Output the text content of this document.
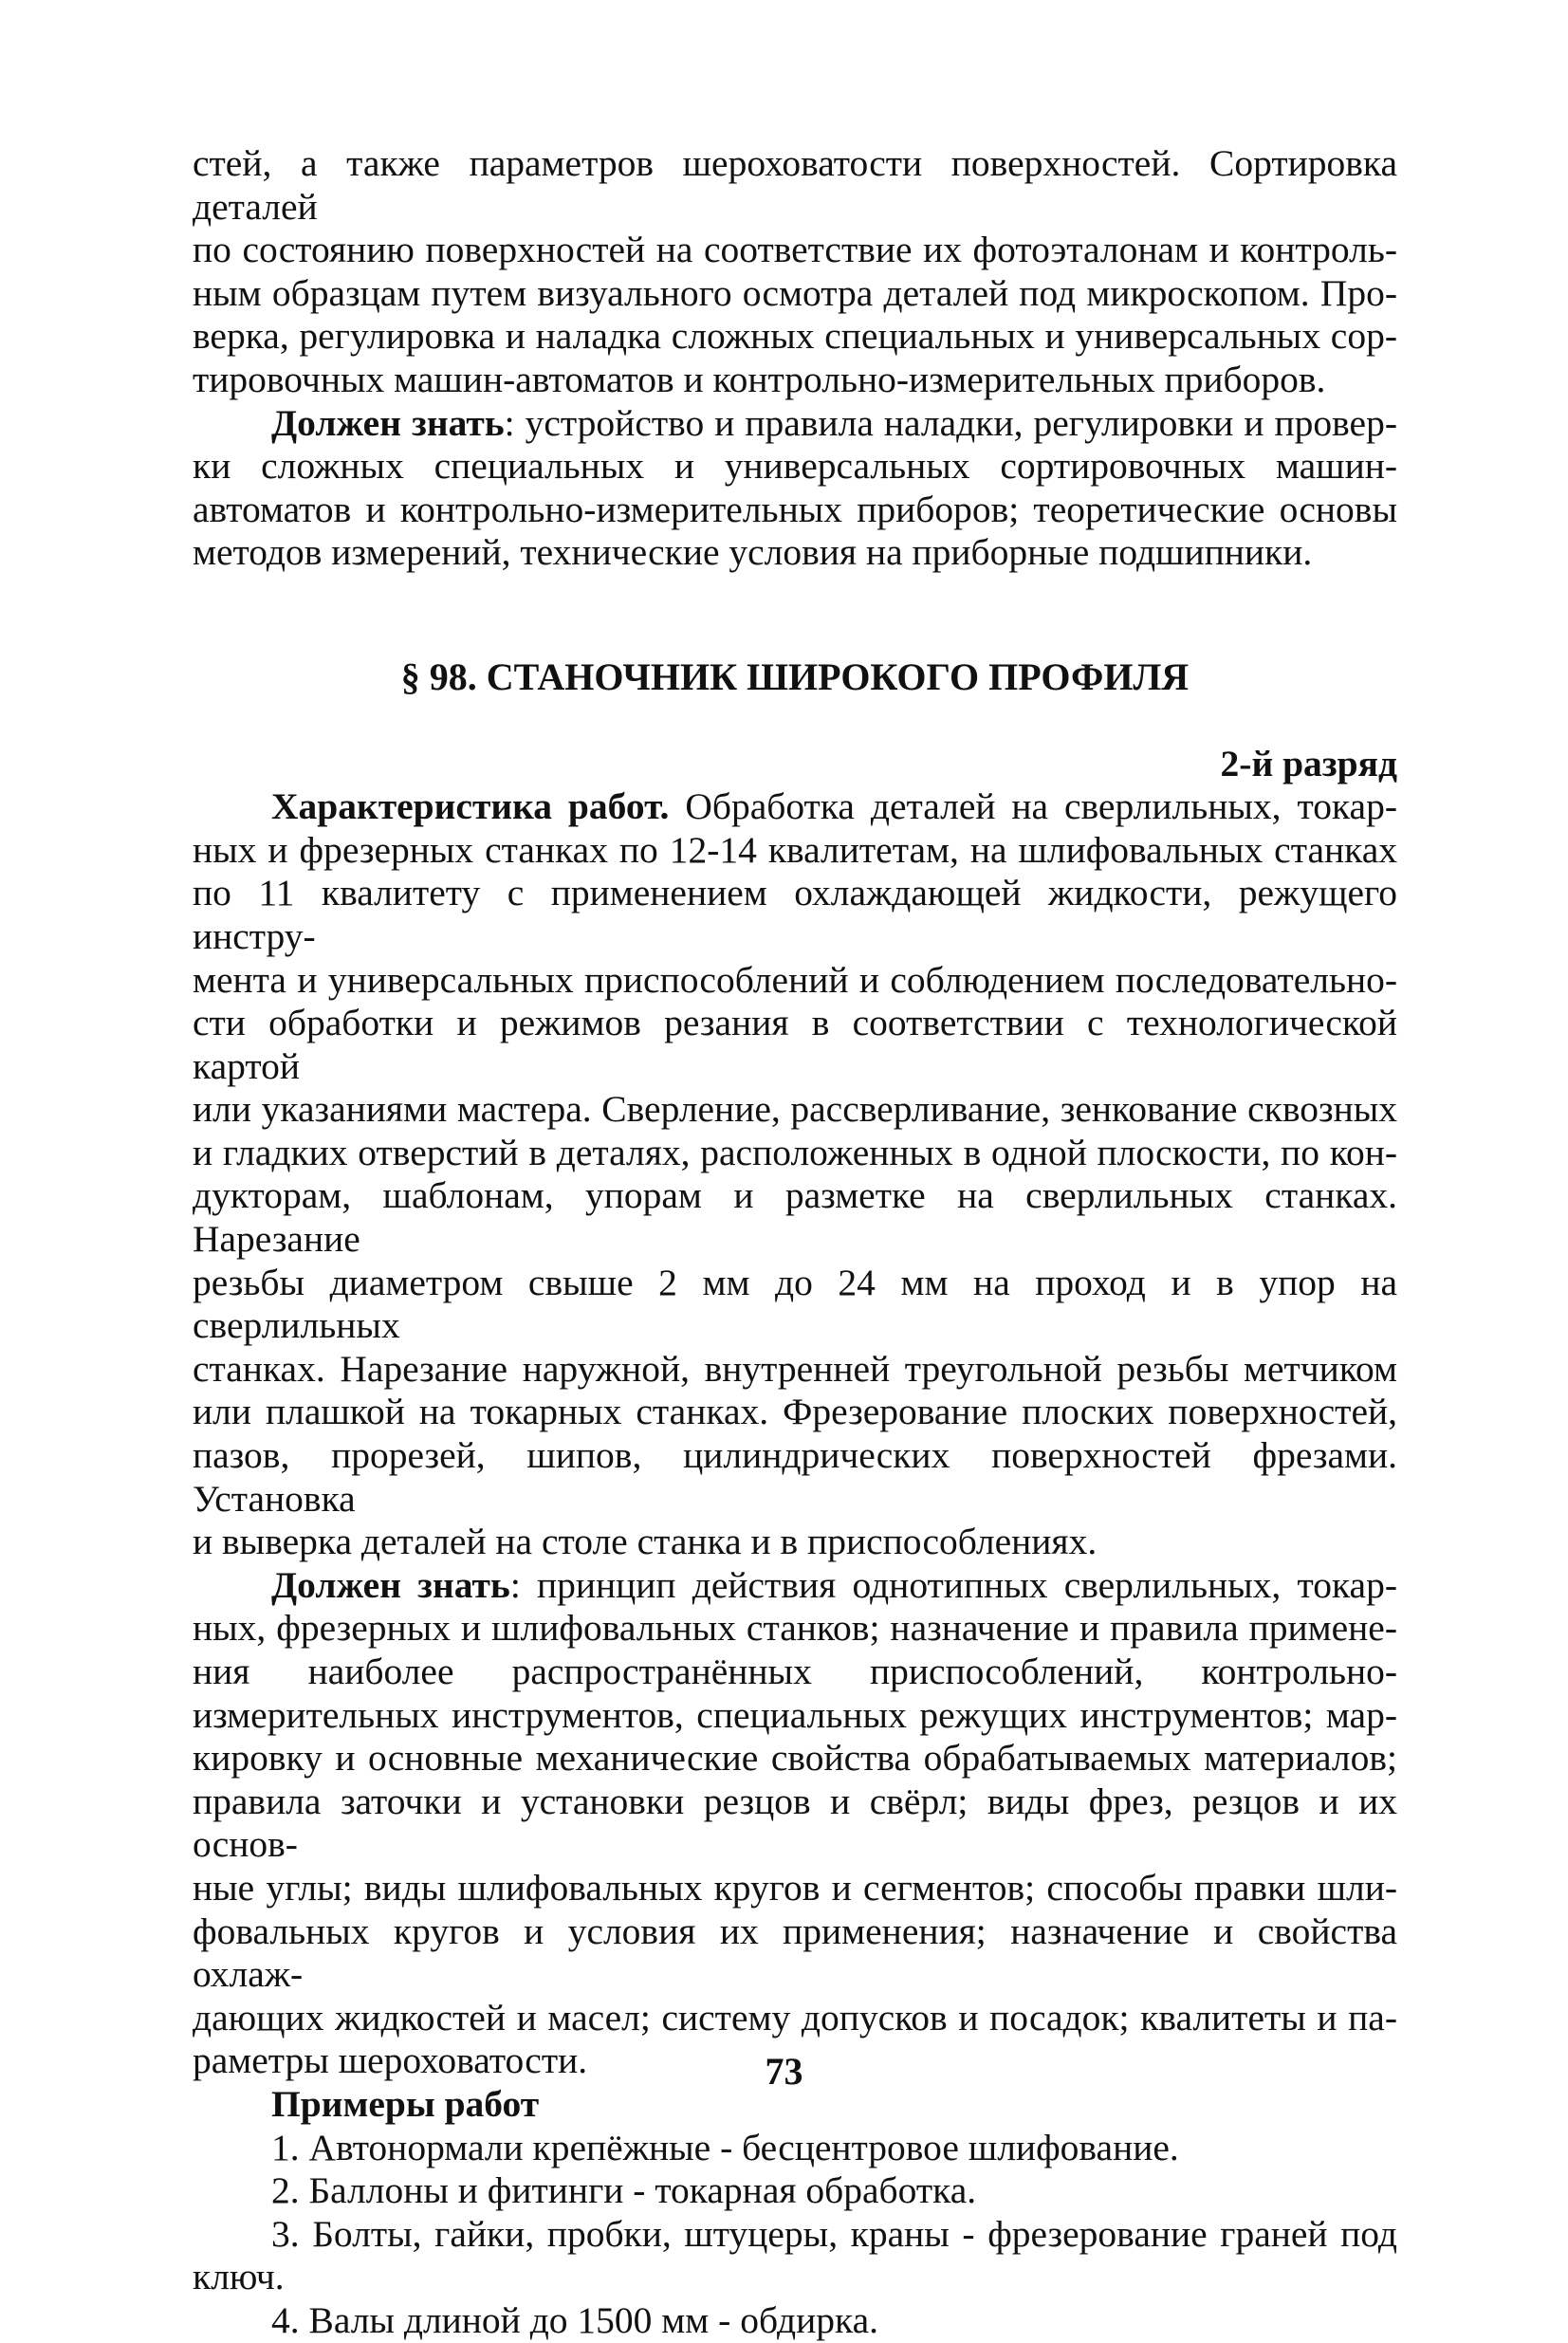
стей, а также параметров шероховатости поверхностей. Сортировка деталей
по состоянию поверхностей на соответствие их фотоэталонам и контроль-
ным образцам путем визуального осмотра деталей под микроскопом. Про-
верка, регулировка и наладка сложных специальных и универсальных сор-
тировочных машин-автоматов и контрольно-измерительных приборов.
Должен знать: устройство и правила наладки, регулировки и провер-
ки сложных специальных и универсальных сортировочных машин-
автоматов и контрольно-измерительных приборов; теоретические основы
методов измерений, технические условия на приборные подшипники.
§ 98. СТАНОЧНИК ШИРОКОГО ПРОФИЛЯ
2-й разряд
Характеристика работ. Обработка деталей на сверлильных, токар-
ных и фрезерных станках по 12-14 квалитетам, на шлифовальных станках
по 11 квалитету с применением охлаждающей жидкости, режущего инстру-
мента и универсальных приспособлений и соблюдением последовательно-
сти обработки и режимов резания в соответствии с технологической картой
или указаниями мастера. Сверление, рассверливание, зенкование сквозных
и гладких отверстий в деталях, расположенных в одной плоскости, по кон-
дукторам, шаблонам, упорам и разметке на сверлильных станках. Нарезание
резьбы диаметром свыше 2 мм до 24 мм на проход и в упор на сверлильных
станках. Нарезание наружной, внутренней треугольной резьбы метчиком
или плашкой на токарных станках. Фрезерование плоских поверхностей,
пазов, прорезей, шипов, цилиндрических поверхностей фрезами. Установка
и выверка деталей на столе станка и в приспособлениях.
Должен знать: принцип действия однотипных сверлильных, токар-
ных, фрезерных и шлифовальных станков; назначение и правила примене-
ния наиболее распространённых приспособлений, контрольно-
измерительных инструментов, специальных режущих инструментов; мар-
кировку и основные механические свойства обрабатываемых материалов;
правила заточки и установки резцов и свёрл; виды фрез, резцов и их основ-
ные углы; виды шлифовальных кругов и сегментов; способы правки шли-
фовальных кругов и условия их применения; назначение и свойства охлаж-
дающих жидкостей и масел; систему допусков и посадок; квалитеты и па-
раметры шероховатости.
Примеры работ
1. Автонормали крепёжные - бесцентровое шлифование.
2. Баллоны и фитинги - токарная обработка.
3. Болты, гайки, пробки, штуцеры, краны - фрезерование граней под
ключ.
4. Валы длиной до 1500 мм - обдирка.
73
